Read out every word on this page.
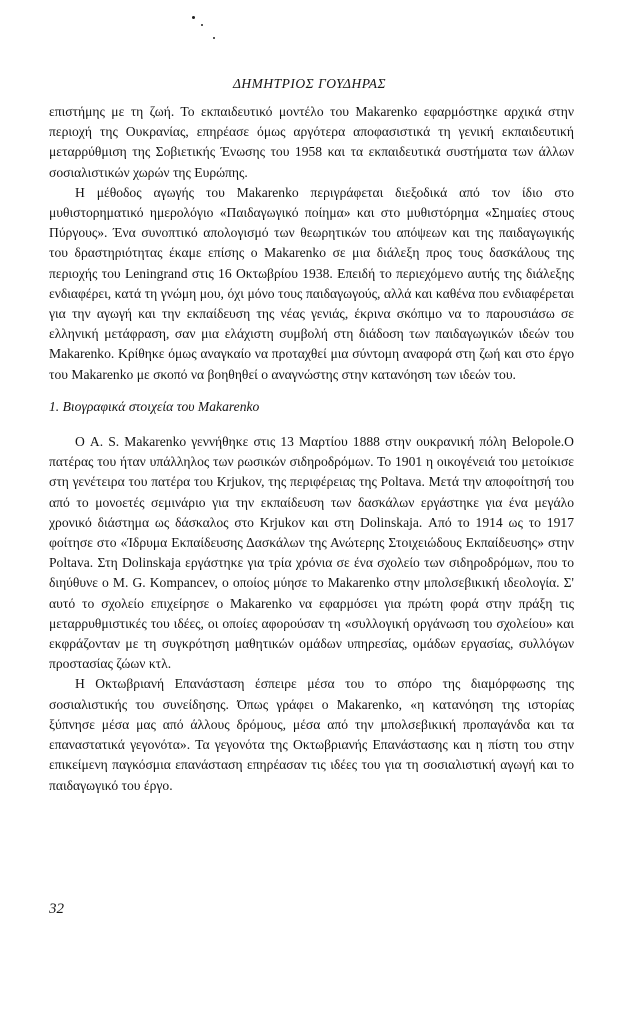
ΔΗΜΗΤΡΙΟΣ ΓΟΥΔΗΡΑΣ

επιστήμης με τη ζωή. Το εκπαιδευτικό μοντέλο του Makarenko εφαρμόστηκε αρχικά στην περιοχή της Ουκρανίας, επηρέασε όμως αργότερα αποφασιστικά τη γενική εκπαιδευτική μεταρρύθμιση της Σοβιετικής Ένωσης του 1958 και τα εκπαιδευτικά συστήματα των άλλων σοσιαλιστικών χωρών της Ευρώπης.

Η μέθοδος αγωγής του Makarenko περιγράφεται διεξοδικά από τον ίδιο στο μυθιστορηματικό ημερολόγιο «Παιδαγωγικό ποίημα» και στο μυθιστόρημα «Σημαίες στους Πύργους». Ένα συνοπτικό απολογισμό των θεωρητικών του απόψεων και της παιδαγωγικής του δραστηριότητας έκαμε επίσης ο Makarenko σε μια διάλεξη προς τους δασκάλους της περιοχής του Leningrand στις 16 Οκτωβρίου 1938. Επειδή το περιεχόμενο αυτής της διάλεξης ενδιαφέρει, κατά τη γνώμη μου, όχι μόνο τους παιδαγωγούς, αλλά και καθένα που ενδιαφέρεται για την αγωγή και την εκπαίδευση της νέας γενιάς, έκρινα σκόπιμο να το παρουσιάσω σε ελληνική μετάφραση, σαν μια ελάχιστη συμβολή στη διάδοση των παιδαγωγικών ιδεών του Makarenko. Κρίθηκε όμως αναγκαίο να προταχθεί μια σύντομη αναφορά στη ζωή και στο έργο του Makarenko με σκοπό να βοηθηθεί ο αναγνώστης στην κατανόηση των ιδεών του.

1. Βιογραφικά στοιχεία του Makarenko

Ο A. S. Makarenko γεννήθηκε στις 13 Μαρτίου 1888 στην ουκρανική πόλη Belopole.Ο πατέρας του ήταν υπάλληλος των ρωσικών σιδηροδρόμων. Το 1901 η οικογένειά του μετοίκισε στη γενέτειρα του πατέρα του Krjukov, της περιφέρειας της Poltava. Μετά την αποφοίτησή του από το μονοετές σεμινάριο για την εκπαίδευση των δασκάλων εργάστηκε για ένα μεγάλο χρονικό διάστημα ως δάσκαλος στο Krjukov και στη Dolinskaja. Από το 1914 ως το 1917 φοίτησε στο «Ίδρυμα Εκπαίδευσης Δασκάλων της Ανώτερης Στοιχειώδους Εκπαίδευσης» στην Poltava. Στη Dolinskaja εργάστηκε για τρία χρόνια σε ένα σχολείο των σιδηροδρόμων, που το διηύθυνε ο M. G. Kompancev, ο οποίος μύησε το Makarenko στην μπολσεβικική ιδεολογία. Σ' αυτό το σχολείο επιχείρησε ο Makarenko να εφαρμόσει για πρώτη φορά στην πράξη τις μεταρρυθμιστικές του ιδέες, οι οποίες αφορούσαν τη «συλλογική οργάνωση του σχολείου» και εκφράζονταν με τη συγκρότηση μαθητικών ομάδων υπηρεσίας, ομάδων εργασίας, συλλόγων προστασίας ζώων κτλ.

Η Οκτωβριανή Επανάσταση έσπειρε μέσα του το σπόρο της διαμόρφωσης της σοσιαλιστικής του συνείδησης. Όπως γράφει ο Makarenko, «η κατανόηση της ιστορίας ξύπνησε μέσα μας από άλλους δρόμους, μέσα από την μπολσεβικική προπαγάνδα και τα επαναστατικά γεγονότα». Τα γεγονότα της Οκτωβριανής Επανάστασης και η πίστη του στην επικείμενη παγκόσμια επανάσταση επηρέασαν τις ιδέες του για τη σοσιαλιστική αγωγή και το παιδαγωγικό του έργο.

32
